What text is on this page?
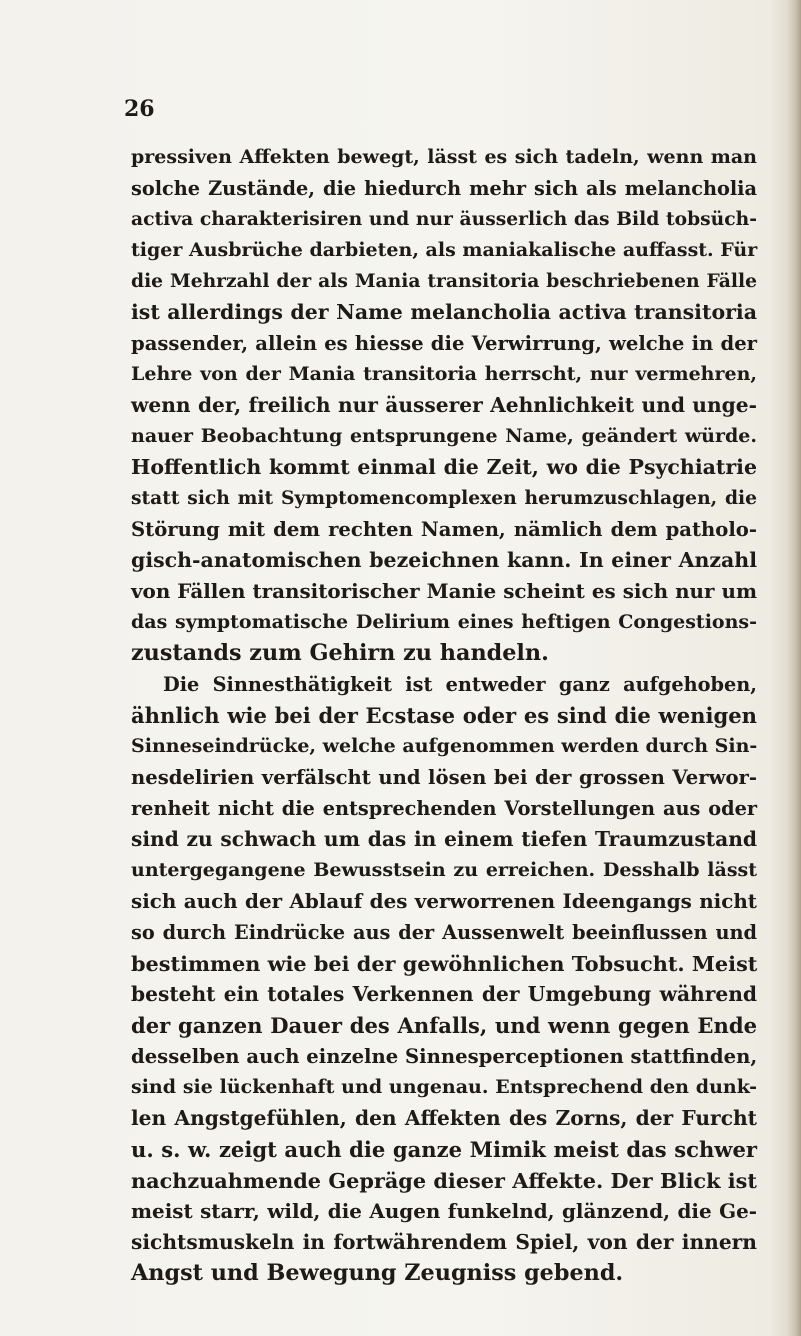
26
pressiven Affekten bewegt, lässt es sich tadeln, wenn man
solche Zustände, die hiedurch mehr sich als melancholia
activa charakterisiren und nur äusserlich das Bild tobsüch-
tiger Ausbrüche darbieten, als maniakalische auffasst. Für
die Mehrzahl der als Mania transitoria beschriebenen Fälle
ist allerdings der Name melancholia activa transitoria
passender, allein es hiesse die Verwirrung, welche in der
Lehre von der Mania transitoria herrscht, nur vermehren,
wenn der, freilich nur äusserer Aehnlichkeit und unge-
nauer Beobachtung entsprungene Name, geändert würde.
Hoffentlich kommt einmal die Zeit, wo die Psychiatrie
statt sich mit Symptomencomplexen herumzuschlagen, die
Störung mit dem rechten Namen, nämlich dem patholo-
gisch-anatomischen bezeichnen kann. In einer Anzahl
von Fällen transitorischer Manie scheint es sich nur um
das symptomatische Delirium eines heftigen Congestions-
zustands zum Gehirn zu handeln.
Die Sinnesthätigkeit ist entweder ganz aufgehoben,
ähnlich wie bei der Ecstase oder es sind die wenigen
Sinneseindrücke, welche aufgenommen werden durch Sin-
nesdelirien verfälscht und lösen bei der grossen Verwor-
renheit nicht die entsprechenden Vorstellungen aus oder
sind zu schwach um das in einem tiefen Traumzustand
untergegangene Bewusstsein zu erreichen. Desshalb lässt
sich auch der Ablauf des verworrenen Ideengangs nicht
so durch Eindrücke aus der Aussenwelt beeinflussen und
bestimmen wie bei der gewöhnlichen Tobsucht. Meist
besteht ein totales Verkennen der Umgebung während
der ganzen Dauer des Anfalls, und wenn gegen Ende
desselben auch einzelne Sinnesperceptionen stattfinden,
sind sie lückenhaft und ungenau. Entsprechend den dunk-
len Angstgefühlen, den Affekten des Zorns, der Furcht
u. s. w. zeigt auch die ganze Mimik meist das schwer
nachzuahmende Gepräge dieser Affekte. Der Blick ist
meist starr, wild, die Augen funkelnd, glänzend, die Ge-
sichtsmuskeln in fortwährendem Spiel, von der innern
Angst und Bewegung Zeugniss gebend.
